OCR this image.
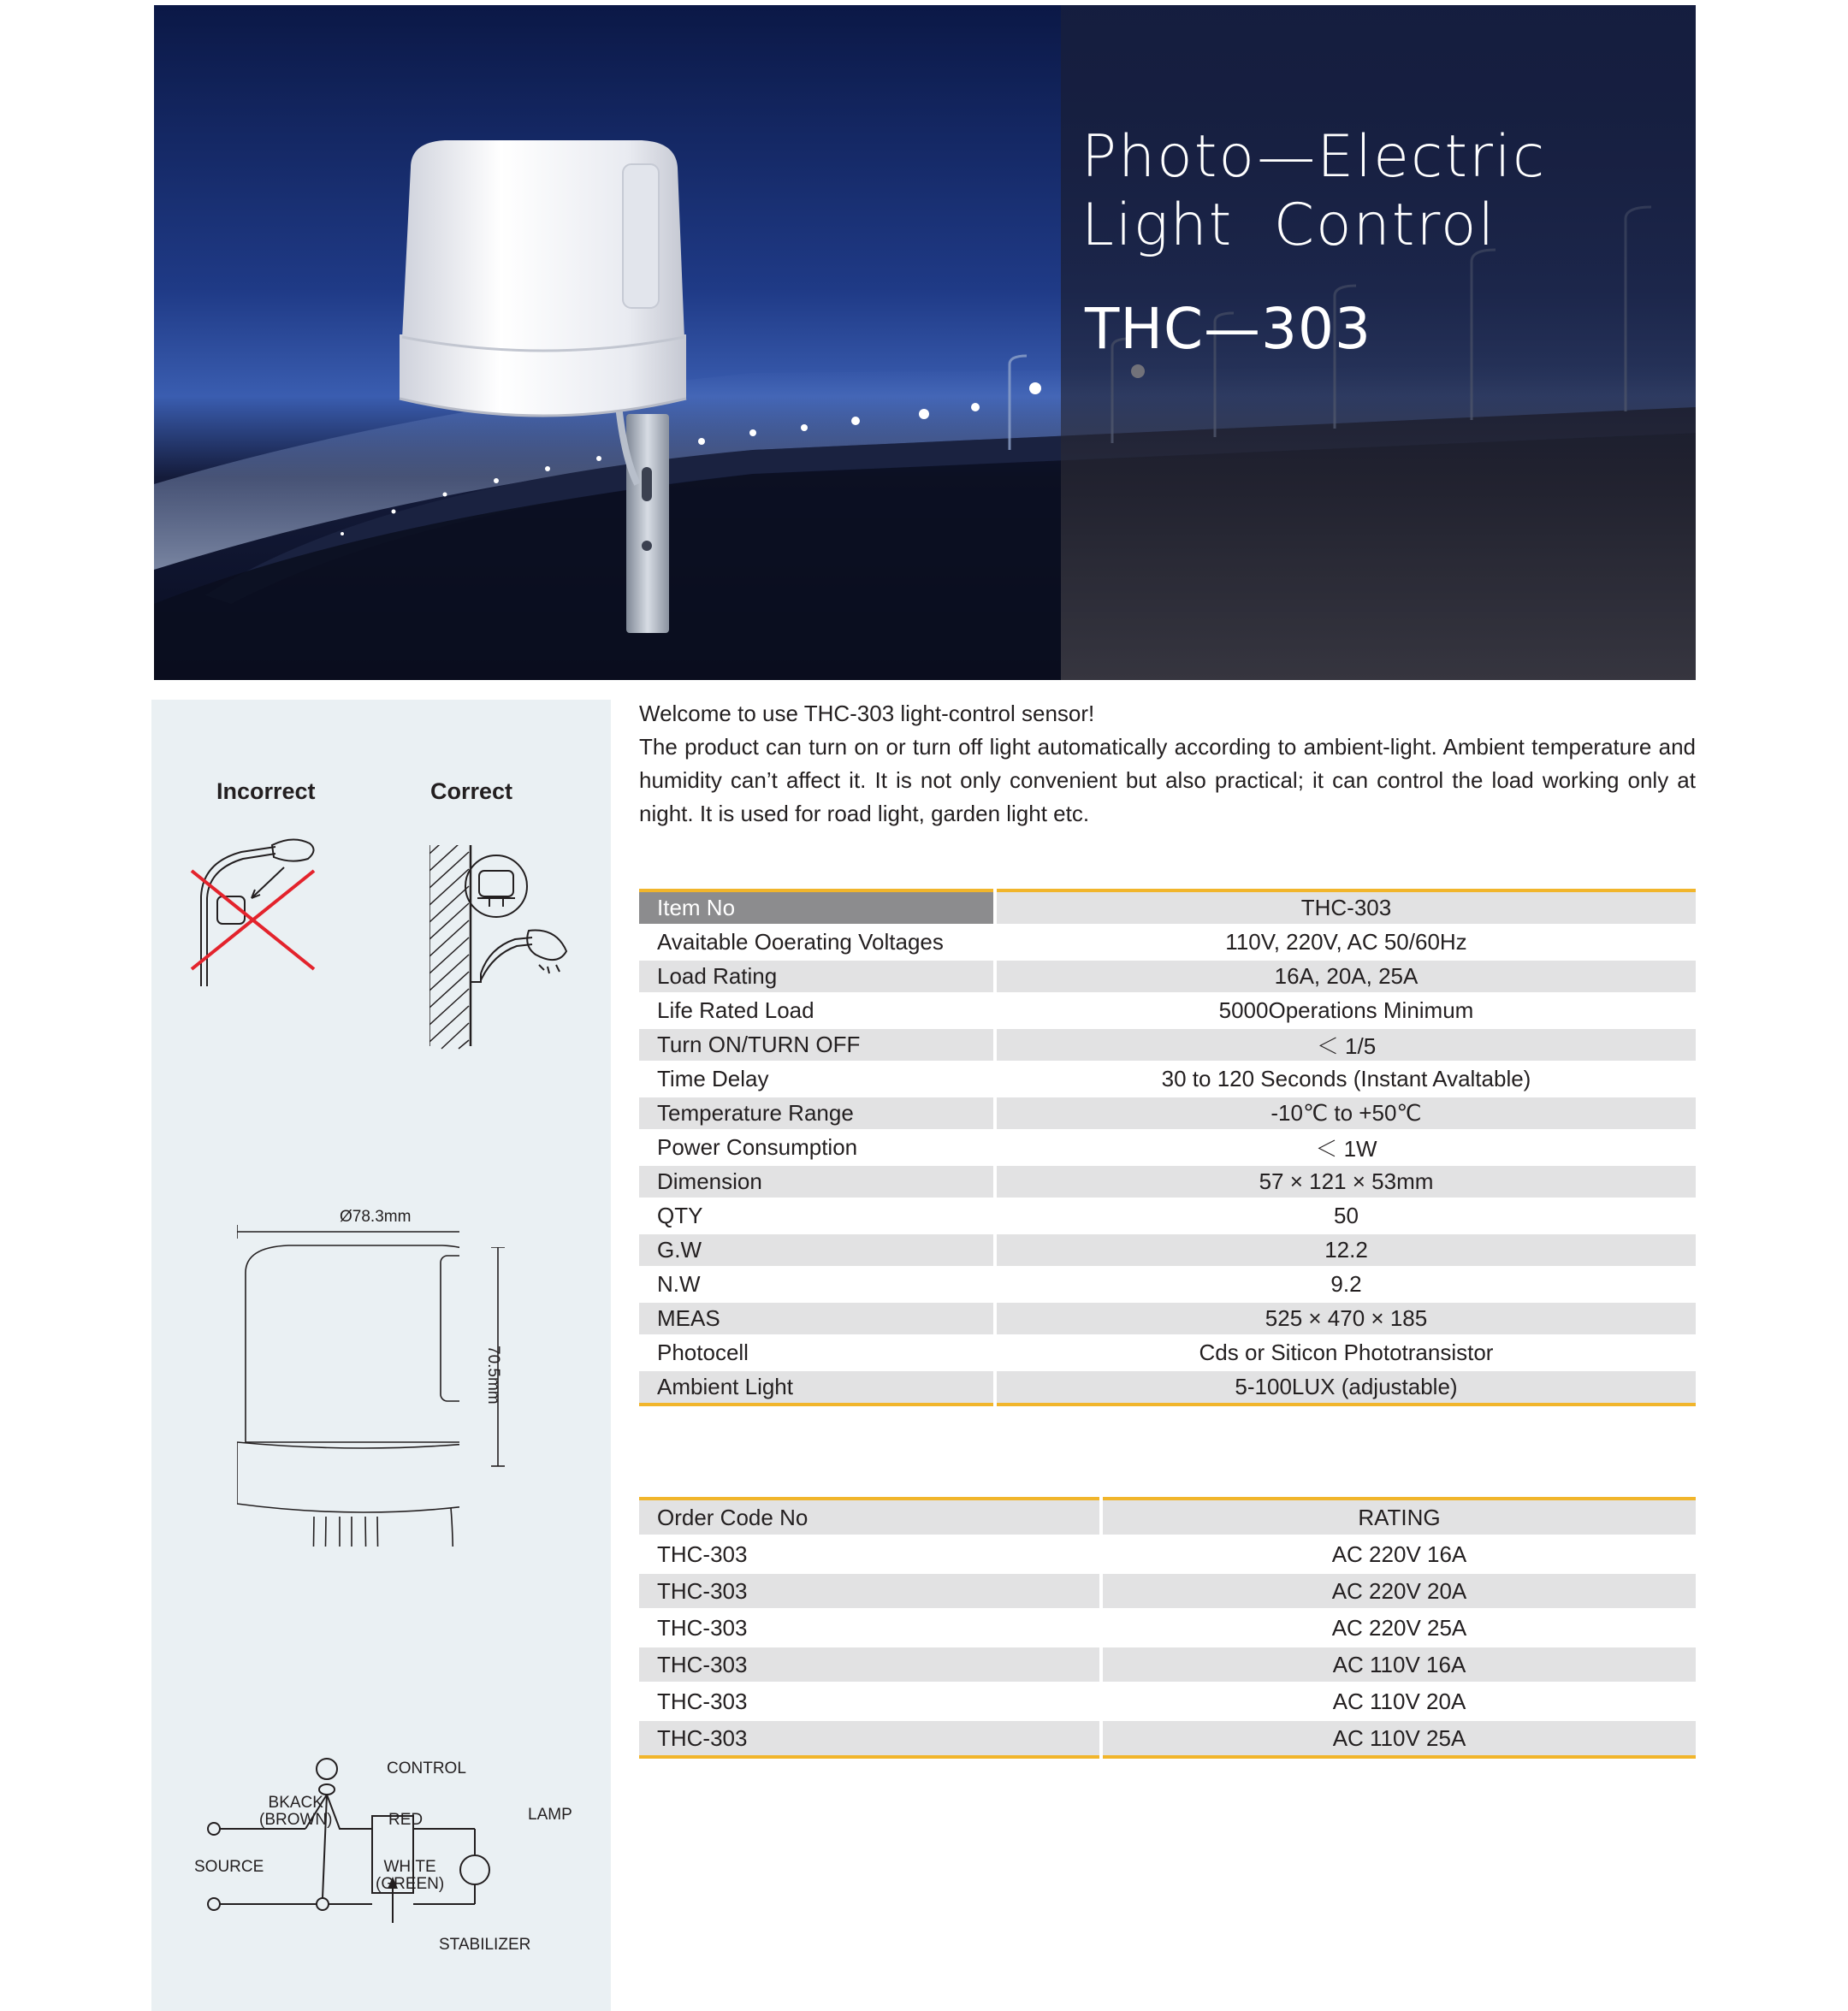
Photo—Electric
Light  Control
THC—303
Incorrect	Correct
Ø78.3mm
70.5mm
CONTROL
BKACK
(BROWN)	RED	LAMP
SOURCE	WHITE
(GREEN)
STABILIZER
Welcome to use THC-303 light-control sensor!

The product can turn on or turn off light automatically according to ambient-light. Ambient temperature and humidity can’t affect it. It is not only convenient but also practical; it can control the load working only at night. It is used for road light, garden light etc.

Item No	THC-303
Avaitable Ooerating Voltages	110V, 220V, AC 50/60Hz
Load Rating	16A, 20A, 25A
Life Rated Load	5000Operations Minimum
Turn ON/TURN OFF	＜ 1/5
Time Delay	30 to 120 Seconds (Instant Avaltable)
Temperature Range	-10℃ to +50℃
Power Consumption	＜ 1W
Dimension	57 × 121 × 53mm
QTY	50
G.W	12.2
N.W	9.2
MEAS	525 × 470 × 185
Photocell	Cds or Siticon Phototransistor
Ambient Light	5-100LUX (adjustable)
Order Code No	RATING
THC-303	AC 220V 16A
THC-303	AC 220V 20A
THC-303	AC 220V 25A
THC-303	AC 110V 16A
THC-303	AC 110V 20A
THC-303	AC 110V 25A
